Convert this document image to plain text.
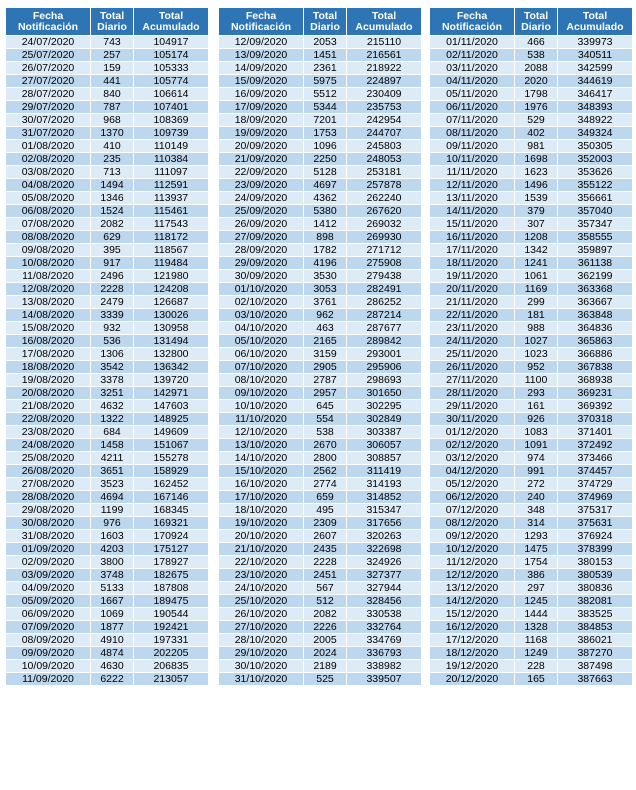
Fecha Notificación	Total Diario	Total Acumulado
24/07/2020	743	104917
25/07/2020	257	105174
26/07/2020	159	105333
27/07/2020	441	105774
28/07/2020	840	106614
29/07/2020	787	107401
30/07/2020	968	108369
31/07/2020	1370	109739
01/08/2020	410	110149
02/08/2020	235	110384
03/08/2020	713	111097
04/08/2020	1494	112591
05/08/2020	1346	113937
06/08/2020	1524	115461
07/08/2020	2082	117543
08/08/2020	629	118172
09/08/2020	395	118567
10/08/2020	917	119484
11/08/2020	2496	121980
12/08/2020	2228	124208
13/08/2020	2479	126687
14/08/2020	3339	130026
15/08/2020	932	130958
16/08/2020	536	131494
17/08/2020	1306	132800
18/08/2020	3542	136342
19/08/2020	3378	139720
20/08/2020	3251	142971
21/08/2020	4632	147603
22/08/2020	1322	148925
23/08/2020	684	149609
24/08/2020	1458	151067
25/08/2020	4211	155278
26/08/2020	3651	158929
27/08/2020	3523	162452
28/08/2020	4694	167146
29/08/2020	1199	168345
30/08/2020	976	169321
31/08/2020	1603	170924
01/09/2020	4203	175127
02/09/2020	3800	178927
03/09/2020	3748	182675
04/09/2020	5133	187808
05/09/2020	1667	189475
06/09/2020	1069	190544
07/09/2020	1877	192421
08/09/2020	4910	197331
09/09/2020	4874	202205
10/09/2020	4630	206835
11/09/2020	6222	213057
Fecha Notificación	Total Diario	Total Acumulado
12/09/2020	2053	215110
13/09/2020	1451	216561
14/09/2020	2361	218922
15/09/2020	5975	224897
16/09/2020	5512	230409
17/09/2020	5344	235753
18/09/2020	7201	242954
19/09/2020	1753	244707
20/09/2020	1096	245803
21/09/2020	2250	248053
22/09/2020	5128	253181
23/09/2020	4697	257878
24/09/2020	4362	262240
25/09/2020	5380	267620
26/09/2020	1412	269032
27/09/2020	898	269930
28/09/2020	1782	271712
29/09/2020	4196	275908
30/09/2020	3530	279438
01/10/2020	3053	282491
02/10/2020	3761	286252
03/10/2020	962	287214
04/10/2020	463	287677
05/10/2020	2165	289842
06/10/2020	3159	293001
07/10/2020	2905	295906
08/10/2020	2787	298693
09/10/2020	2957	301650
10/10/2020	645	302295
11/10/2020	554	302849
12/10/2020	538	303387
13/10/2020	2670	306057
14/10/2020	2800	308857
15/10/2020	2562	311419
16/10/2020	2774	314193
17/10/2020	659	314852
18/10/2020	495	315347
19/10/2020	2309	317656
20/10/2020	2607	320263
21/10/2020	2435	322698
22/10/2020	2228	324926
23/10/2020	2451	327377
24/10/2020	567	327944
25/10/2020	512	328456
26/10/2020	2082	330538
27/10/2020	2226	332764
28/10/2020	2005	334769
29/10/2020	2024	336793
30/10/2020	2189	338982
31/10/2020	525	339507
Fecha Notificación	Total Diario	Total Acumulado
01/11/2020	466	339973
02/11/2020	538	340511
03/11/2020	2088	342599
04/11/2020	2020	344619
05/11/2020	1798	346417
06/11/2020	1976	348393
07/11/2020	529	348922
08/11/2020	402	349324
09/11/2020	981	350305
10/11/2020	1698	352003
11/11/2020	1623	353626
12/11/2020	1496	355122
13/11/2020	1539	356661
14/11/2020	379	357040
15/11/2020	307	357347
16/11/2020	1208	358555
17/11/2020	1342	359897
18/11/2020	1241	361138
19/11/2020	1061	362199
20/11/2020	1169	363368
21/11/2020	299	363667
22/11/2020	181	363848
23/11/2020	988	364836
24/11/2020	1027	365863
25/11/2020	1023	366886
26/11/2020	952	367838
27/11/2020	1100	368938
28/11/2020	293	369231
29/11/2020	161	369392
30/11/2020	926	370318
01/12/2020	1083	371401
02/12/2020	1091	372492
03/12/2020	974	373466
04/12/2020	991	374457
05/12/2020	272	374729
06/12/2020	240	374969
07/12/2020	348	375317
08/12/2020	314	375631
09/12/2020	1293	376924
10/12/2020	1475	378399
11/12/2020	1754	380153
12/12/2020	386	380539
13/12/2020	297	380836
14/12/2020	1245	382081
15/12/2020	1444	383525
16/12/2020	1328	384853
17/12/2020	1168	386021
18/12/2020	1249	387270
19/12/2020	228	387498
20/12/2020	165	387663
